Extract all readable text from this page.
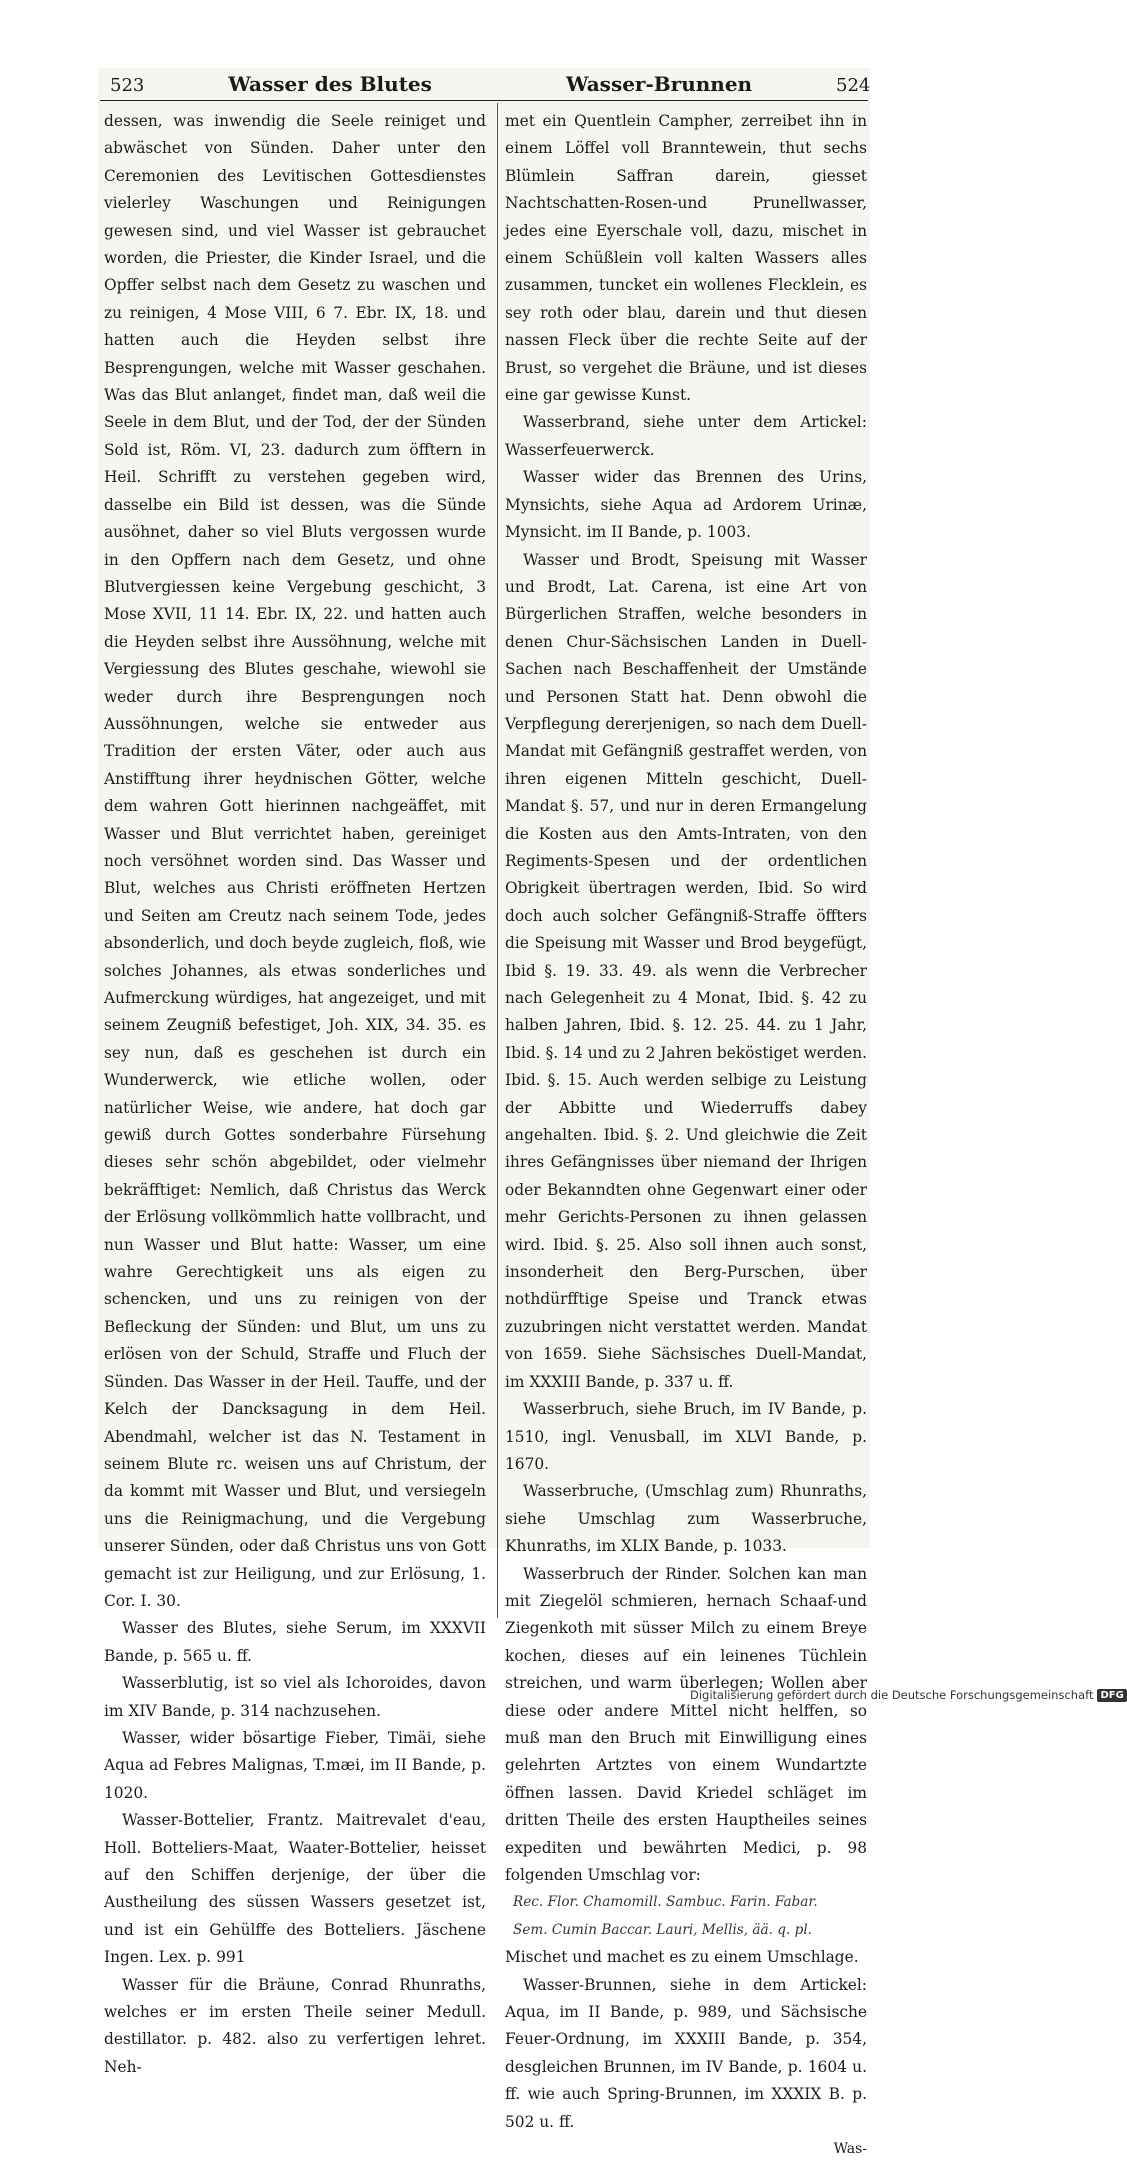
523	Wasser des Blutes	Wasser-Brunnen	524

dessen, was inwendig die Seele reiniget und abwäschet von Sünden. Daher unter den Ceremonien des Levitischen Gottesdienstes vielerley Waschungen und Reinigungen gewesen sind, und viel Wasser ist gebrauchet worden, die Priester, die Kinder Israel, und die Opffer selbst nach dem Gesetz zu waschen und zu reinigen, 4 Mose VIII, 6 7. Ebr. IX, 18. und hatten auch die Heyden selbst ihre Besprengungen, welche mit Wasser geschahen. Was das Blut anlanget, findet man, daß weil die Seele in dem Blut, und der Tod, der der Sünden Sold ist, Röm. VI, 23. dadurch zum öfftern in Heil. Schrifft zu verstehen gegeben wird, dasselbe ein Bild ist dessen, was die Sünde ausöhnet, daher so viel Bluts vergossen wurde in den Opffern nach dem Gesetz, und ohne Blutvergiessen keine Vergebung geschicht, 3 Mose XVII, 11 14. Ebr. IX, 22. und hatten auch die Heyden selbst ihre Aussöhnung, welche mit Vergiessung des Blutes geschahe, wiewohl sie weder durch ihre Besprengungen noch Aussöhnungen, welche sie entweder aus Tradition der ersten Väter, oder auch aus Anstifftung ihrer heydnischen Götter, welche dem wahren Gott hierinnen nachgeäffet, mit Wasser und Blut verrichtet haben, gereiniget noch versöhnet worden sind. Das Wasser und Blut, welches aus Christi eröffneten Hertzen und Seiten am Creutz nach seinem Tode, jedes absonderlich, und doch beyde zugleich, floß, wie solches Johannes, als etwas sonderliches und Aufmerckung würdiges, hat angezeiget, und mit seinem Zeugniß befestiget, Joh. XIX, 34. 35. es sey nun, daß es geschehen ist durch ein Wunderwerck, wie etliche wollen, oder natürlicher Weise, wie andere, hat doch gar gewiß durch Gottes sonderbahre Fürsehung dieses sehr schön abgebildet, oder vielmehr bekräfftiget: Nemlich, daß Christus das Werck der Erlösung vollkömmlich hatte vollbracht, und nun Wasser und Blut hatte: Wasser, um eine wahre Gerechtigkeit uns als eigen zu schencken, und uns zu reinigen von der Befleckung der Sünden: und Blut, um uns zu erlösen von der Schuld, Straffe und Fluch der Sünden. Das Wasser in der Heil. Tauffe, und der Kelch der Dancksagung in dem Heil. Abendmahl, welcher ist das N. Testament in seinem Blute rc. weisen uns auf Christum, der da kommt mit Wasser und Blut, und versiegeln uns die Reinigmachung, und die Vergebung unserer Sünden, oder daß Christus uns von Gott gemacht ist zur Heiligung, und zur Erlösung, 1. Cor. I. 30.

Wasser des Blutes, siehe Serum, im XXXVII Bande, p. 565 u. ff.

Wasserblutig, ist so viel als Ichoroides, davon im XIV Bande, p. 314 nachzusehen.

Wasser, wider bösartige Fieber, Timäi, siehe Aqua ad Febres Malignas, T.mæi, im II Bande, p. 1020.

Wasser-Bottelier, Frantz. Maitrevalet d'eau, Holl. Botteliers-Maat, Waater-Bottelier, heisset auf den Schiffen derjenige, der über die Austheilung des süssen Wassers gesetzet ist, und ist ein Gehülffe des Botteliers. Jäschene Ingen. Lex. p. 991

Wasser für die Bräune, Conrad Rhunraths, welches er im ersten Theile seiner Medull. destillator. p. 482. also zu verfertigen lehret. Neh-

met ein Quentlein Campher, zerreibet ihn in einem Löffel voll Branntewein, thut sechs Blümlein Saffran darein, giesset Nachtschatten-Rosen-und Prunellwasser, jedes eine Eyerschale voll, dazu, mischet in einem Schüßlein voll kalten Wassers alles zusammen, tuncket ein wollenes Flecklein, es sey roth oder blau, darein und thut diesen nassen Fleck über die rechte Seite auf der Brust, so vergehet die Bräune, und ist dieses eine gar gewisse Kunst.

Wasserbrand, siehe unter dem Artickel: Wasserfeuerwerck.

Wasser wider das Brennen des Urins, Mynsichts, siehe Aqua ad Ardorem Urinæ, Mynsicht. im II Bande, p. 1003.

Wasser und Brodt, Speisung mit Wasser und Brodt, Lat. Carena, ist eine Art von Bürgerlichen Straffen, welche besonders in denen Chur-Sächsischen Landen in Duell-Sachen nach Beschaffenheit der Umstände und Personen Statt hat. Denn obwohl die Verpflegung dererjenigen, so nach dem Duell-Mandat mit Gefängniß gestraffet werden, von ihren eigenen Mitteln geschicht, Duell-Mandat §. 57, und nur in deren Ermangelung die Kosten aus den Amts-Intraten, von den Regiments-Spesen und der ordentlichen Obrigkeit übertragen werden, Ibid. So wird doch auch solcher Gefängniß-Straffe öffters die Speisung mit Wasser und Brod beygefügt, Ibid §. 19. 33. 49. als wenn die Verbrecher nach Gelegenheit zu 4 Monat, Ibid. §. 42 zu halben Jahren, Ibid. §. 12. 25. 44. zu 1 Jahr, Ibid. §. 14 und zu 2 Jahren beköstiget werden. Ibid. §. 15. Auch werden selbige zu Leistung der Abbitte und Wiederruffs dabey angehalten. Ibid. §. 2. Und gleichwie die Zeit ihres Gefängnisses über niemand der Ihrigen oder Bekanndten ohne Gegenwart einer oder mehr Gerichts-Personen zu ihnen gelassen wird. Ibid. §. 25. Also soll ihnen auch sonst, insonderheit den Berg-Purschen, über nothdürfftige Speise und Tranck etwas zuzubringen nicht verstattet werden. Mandat von 1659. Siehe Sächsisches Duell-Mandat, im XXXIII Bande, p. 337 u. ff.

Wasserbruch, siehe Bruch, im IV Bande, p. 1510, ingl. Venusball, im XLVI Bande, p. 1670.

Wasserbruche, (Umschlag zum) Rhunraths, siehe Umschlag zum Wasserbruche, Khunraths, im XLIX Bande, p. 1033.

Wasserbruch der Rinder. Solchen kan man mit Ziegelöl schmieren, hernach Schaaf-und Ziegenkoth mit süsser Milch zu einem Breye kochen, dieses auf ein leinenes Tüchlein streichen, und warm überlegen; Wollen aber diese oder andere Mittel nicht helffen, so muß man den Bruch mit Einwilligung eines gelehrten Artztes von einem Wundartzte öffnen lassen. David Kriedel schläget im dritten Theile des ersten Hauptheiles seines expediten und bewährten Medici, p. 98 folgenden Umschlag vor:

Rec. Flor. Chamomill. Sambuc. Farin. Fabar.

Sem. Cumin Baccar. Lauri, Mellis, ää. q. pl.

Mischet und machet es zu einem Umschlage.

Wasser-Brunnen, siehe in dem Artickel: Aqua, im II Bande, p. 989, und Sächsische Feuer-Ordnung, im XXXIII Bande, p. 354, desgleichen Brunnen, im IV Bande, p. 1604 u. ff. wie auch Spring-Brunnen, im XXXIX B. p. 502 u. ff.

Was-

Digitalisierung gefördert durch die Deutsche Forschungsgemeinschaft DFG
